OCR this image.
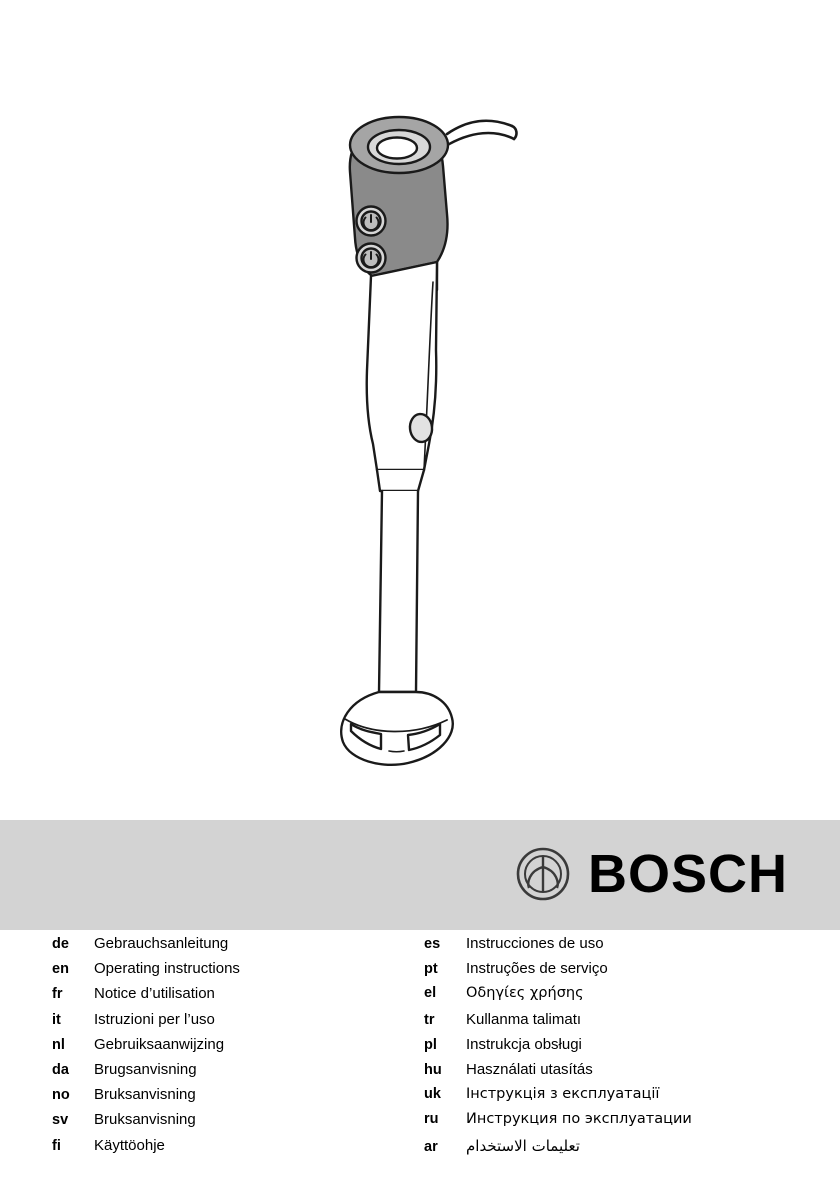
BOSCH
de	Gebrauchsanleitung
en	Operating instructions
fr	Notice d’utilisation
it	Istruzioni per l’uso
nl	Gebruiksaanwijzing
da	Brugsanvisning
no	Bruksanvisning
sv	Bruksanvisning
fi	Käyttöohje
es	Instrucciones de uso
pt	Instruções de serviço
el	Οδηγίες χρήσης
tr	Kullanma talimatı
pl	Instrukcja obsługi
hu	Használati utasítás
uk	Інструкція з експлуатації
ru	Инструкция по эксплуатации
ar	تعليمات الاستخدام
